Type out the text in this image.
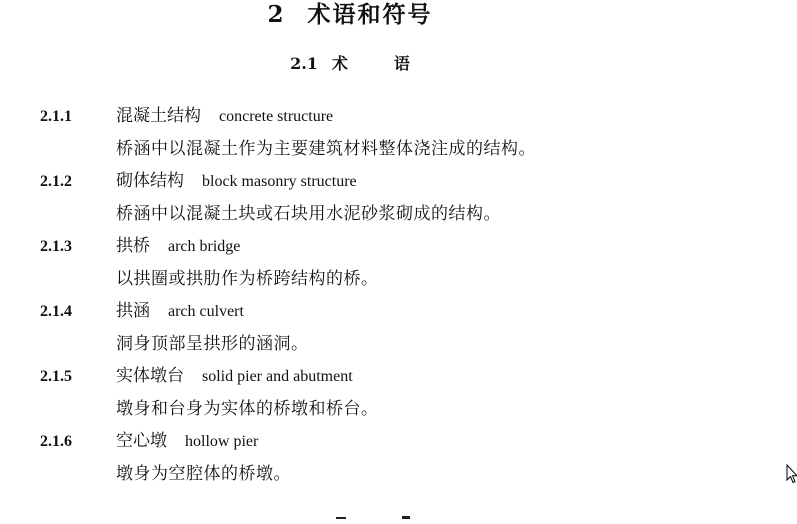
2 术语和符号
2.1 术	语
2.1.1	混凝土结构 concrete structure
桥涵中以混凝土作为主要建筑材料整体浇注成的结构。
2.1.2	砌体结构 block masonry structure
桥涵中以混凝土块或石块用水泥砂浆砌成的结构。
2.1.3	拱桥 arch bridge
以拱圈或拱肋作为桥跨结构的桥。
2.1.4	拱涵 arch culvert
洞身顶部呈拱形的涵洞。
2.1.5	实体墩台 solid pier and abutment
墩身和台身为实体的桥墩和桥台。
2.1.6	空心墩 hollow pier
墩身为空腔体的桥墩。
